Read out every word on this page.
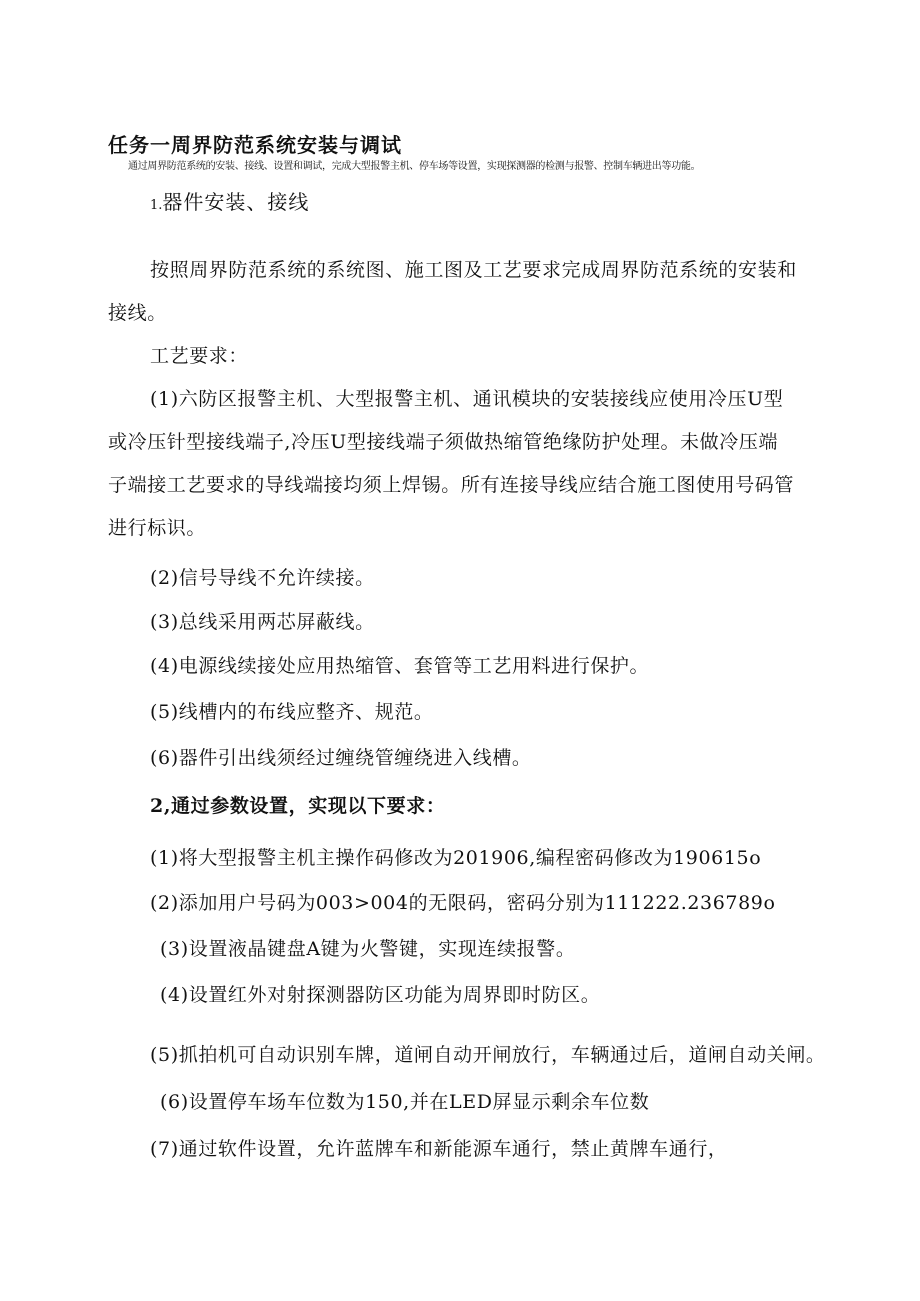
任务一周界防范系统安装与调试
通过周界防范系统的安装、接线、设置和调试，完成大型报警主机、停车场等设置，实现探测器的检测与报警、控制车辆进出等功能。
1.器件安装、接线
按照周界防范系统的系统图、施工图及工艺要求完成周界防范系统的安装和
接线。
工艺要求：
(1)六防区报警主机、大型报警主机、通讯模块的安装接线应使用冷压U型
或冷压针型接线端子,冷压U型接线端子须做热缩管绝缘防护处理。未做冷压端
子端接工艺要求的导线端接均须上焊锡。所有连接导线应结合施工图使用号码管
进行标识。
(2)信号导线不允许续接。
(3)总线采用两芯屏蔽线。
(4)电源线续接处应用热缩管、套管等工艺用料进行保护。
(5)线槽内的布线应整齐、规范。
(6)器件引出线须经过缠绕管缠绕进入线槽。
2,通过参数设置，实现以下要求：
(1)将大型报警主机主操作码修改为201906,编程密码修改为190615o
(2)添加用户号码为003>004的无限码，密码分别为111222.236789o
(3)设置液晶键盘A键为火警键，实现连续报警。
(4)设置红外对射探测器防区功能为周界即时防区。
(5)抓拍机可自动识别车牌，道闸自动开闸放行，车辆通过后，道闸自动关闸。
(6)设置停车场车位数为150,并在LED屏显示剩余车位数
(7)通过软件设置，允许蓝牌车和新能源车通行，禁止黄牌车通行，
